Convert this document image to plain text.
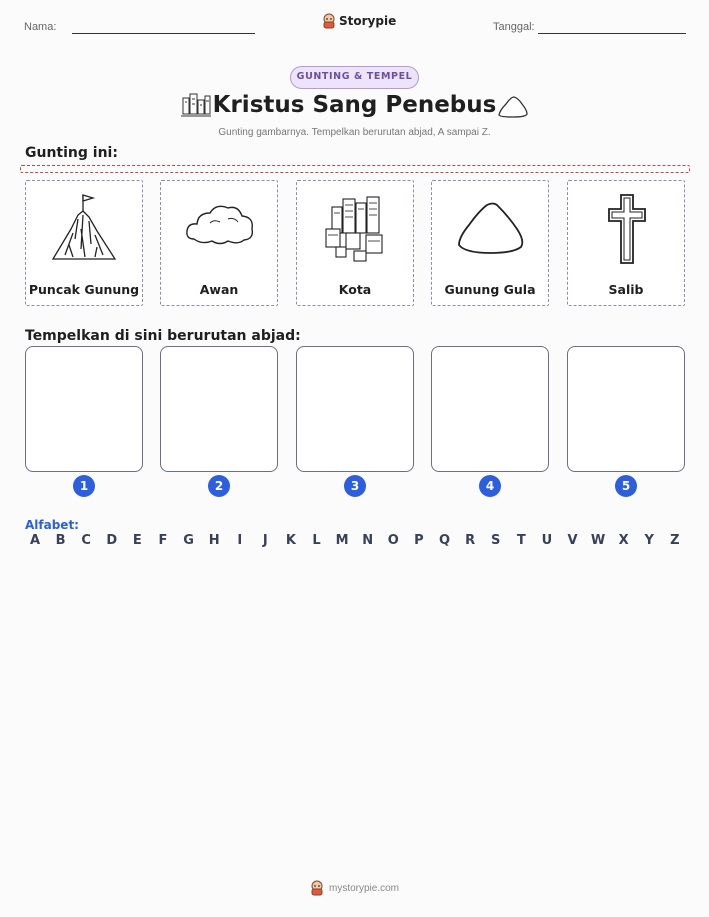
Nama:	Storypie	Tanggal:
GUNTING & TEMPEL
Kristus Sang Penebus
Gunting gambarnya. Tempelkan berurutan abjad, A sampai Z.
Gunting ini:
Puncak Gunung	Awan	Kota	Gunung Gula	Salib
Tempelkan di sini berurutan abjad:
1	2	3	4	5
Alfabet:
A	B	C	D	E	F	G	H	I	J	K	L	M	N	O	P	Q	R	S	T	U	V	W	X	Y	Z
mystorypie.com
